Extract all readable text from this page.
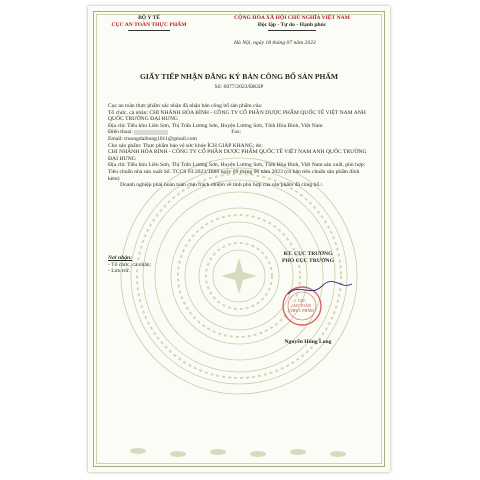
BỘ Y TẾ
CỤC AN TOÀN THỰC PHẨM
CỘNG HÒA XÃ HỘI CHỦ NGHĨA VIỆT NAM
Độc lập - Tự do - Hạnh phúc
Hà Nội, ngày 18 tháng 07 năm 2023
GIẤY TIẾP NHẬN ĐĂNG KÝ BẢN CÔNG BỐ SẢN PHẨM
Số: 6077/2023/ĐKSP
Cục an toàn thực phẩm xác nhận đã nhận bản công bố sản phẩm của:
Tổ chức, cá nhân: CHI NHÁNH HÒA BÌNH - CÔNG TY CỔ PHẦN DƯỢC PHẨM QUỐC TẾ VIỆT NAM ANH QUỐC TRƯỜNG ĐẠI HƯNG
Địa chỉ: Tiểu khu Liên Sơn, Thị Trấn Lương Sơn, Huyện Lương Sơn, Tỉnh Hòa Bình, Việt Nam
Điện thoại:	Fax:
Email: truongdaihung1011@gmail.com
Cho sản phẩm: Thực phẩm bảo vệ sức khỏe ÍCH GIÁP KHANG; do:
CHI NHÁNH HÒA BÌNH - CÔNG TY CỔ PHẦN DƯỢC PHẨM QUỐC TẾ VIỆT NAM ANH QUỐC TRƯỜNG ĐẠI HƯNG
Địa chỉ: Tiểu khu Liên Sơn, Thị Trấn Lương Sơn, Huyện Lương Sơn, Tỉnh Hòa Bình, Việt Nam sản xuất, phù hợp:
Tiêu chuẩn nhà sản xuất Số: TCCS 03:2023/TĐH ngày 09 tháng 06 năm 2023 (có bản tiêu chuẩn sản phẩm đính kèm)
Doanh nghiệp phải hoàn toàn chịu trách nhiệm về tính phù hợp của sản phẩm đã công bố./.
Nơi nhận:
- Tổ chức, cá nhân;
- Lưu trữ.
KT. CỤC TRƯỞNG
PHÓ CỤC TRƯỞNG
CỤC
AN TOÀN
THỰC PHẨM
Nguyễn Hùng Long
